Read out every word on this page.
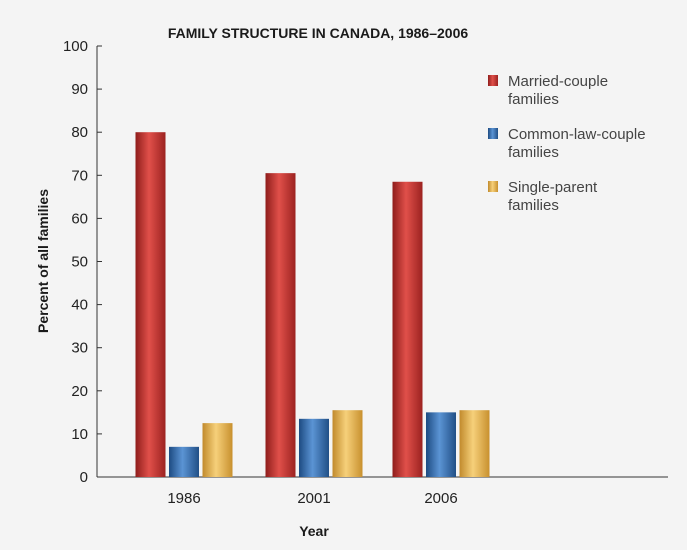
FAMILY STRUCTURE IN CANADA, 1986–2006
0
10
20
30
40
50
60
70
80
90
100
1986	2001	2006
Married-couple
families
Common-law-couple
families
Single-parent
families
Year
Percent of all families
